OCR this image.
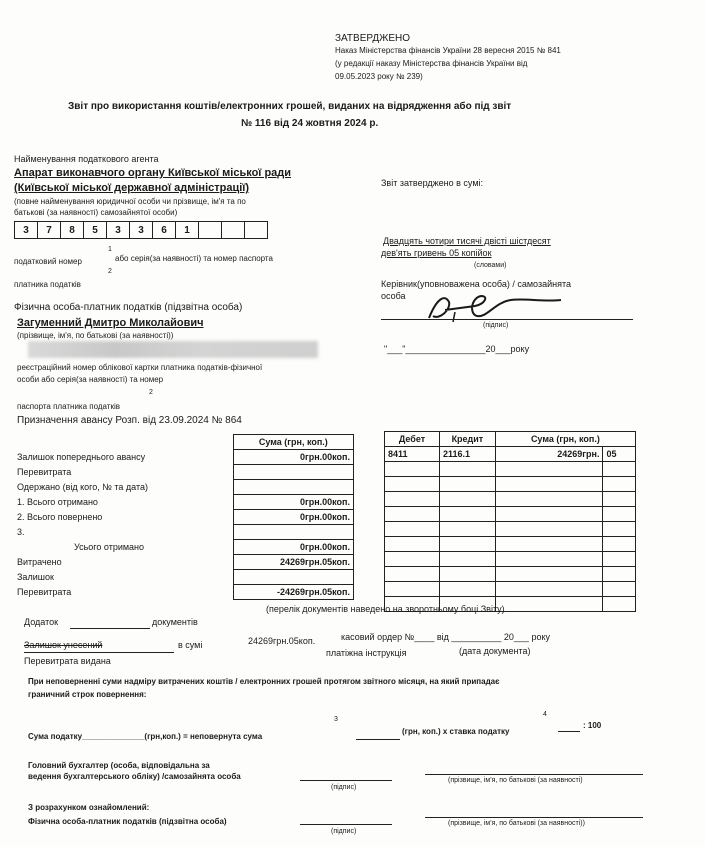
ЗАТВЕРДЖЕНО
Наказ Міністерства фінансів України 28 вересня 2015 № 841
(у редакції наказу Міністерства фінансів України від
09.05.2023 року № 239)
Звіт про використання коштів/електронних грошей, виданих на відрядження або під звіт
№ 116 від 24 жовтня 2024 р.
Найменування податкового агента
Апарат виконавчого органу Київської міської ради
(Київської міської державної адміністрації)
(повне найменування юридичної особи чи прізвище, ім'я та по
батькові (за наявності) самозайнятої особи)
3	7	8	5	3	3	6	1			
1
податковий номер	або серія(за наявності) та номер паспорта
2
платника податків
Звіт затверджено в сумі:
Двадцять чотири тисячі двісті шістдесят
дев'ять гривень 05 копійок
(словами)
Керівник(уповноважена особа) / самозайнята
особа
(підпис)
"___"________________20___року
Фізична особа-платник податків (підзвітна особа)
Загуменний Дмитро Миколайович
(прізвище, ім'я, по батькові (за наявності))
реєстраційний номер облікової картки платника податків-фізичної
особи або серія(за наявності) та номер
2
паспорта платника податків
Призначення авансу Розп. від 23.09.2024 № 864
	Сума (грн, коп.)
Залишок попереднього авансу	0грн.00коп.
Перевитрата	
Одержано (від кого, № та дата)	
1. Всього отримано	0грн.00коп.
2. Всього повернено	0грн.00коп.
3.	
Усього отримано	0грн.00коп.
Витрачено	24269грн.05коп.
Залишок	
Перевитрата	-24269грн.05коп.
Дебет	Кредит	Сума (грн, коп.)	
8411	2116.1	24269грн.	05

Додаток	документів
(перелік документів наведено на зворотньому боці Звіту)
Залишок унесений	в сумі	24269грн.05коп.	касовий ордер №____ від __________ 20___ року
платіжна інструкція	(дата документа)
Перевитрата видана
При неповерненні суми надміру витрачених коштів / електронних грошей протягом звітного місяця, на який припадає
граничний строк повернення:
Сума податку______________(грн,коп.) = неповернута сума
3
(грн, коп.) х ставка податку
4
: 100
Головний бухгалтер (особа, відповідальна за
ведення бухгалтерського обліку) /самозайнята особа
(підпис)
(прізвище, ім'я, по батькові (за наявності)
З розрахунком ознайомлений:
Фізична особа-платник податків (підзвітна особа)
(підпис)
(прізвище, ім'я, по батькові (за наявності))
